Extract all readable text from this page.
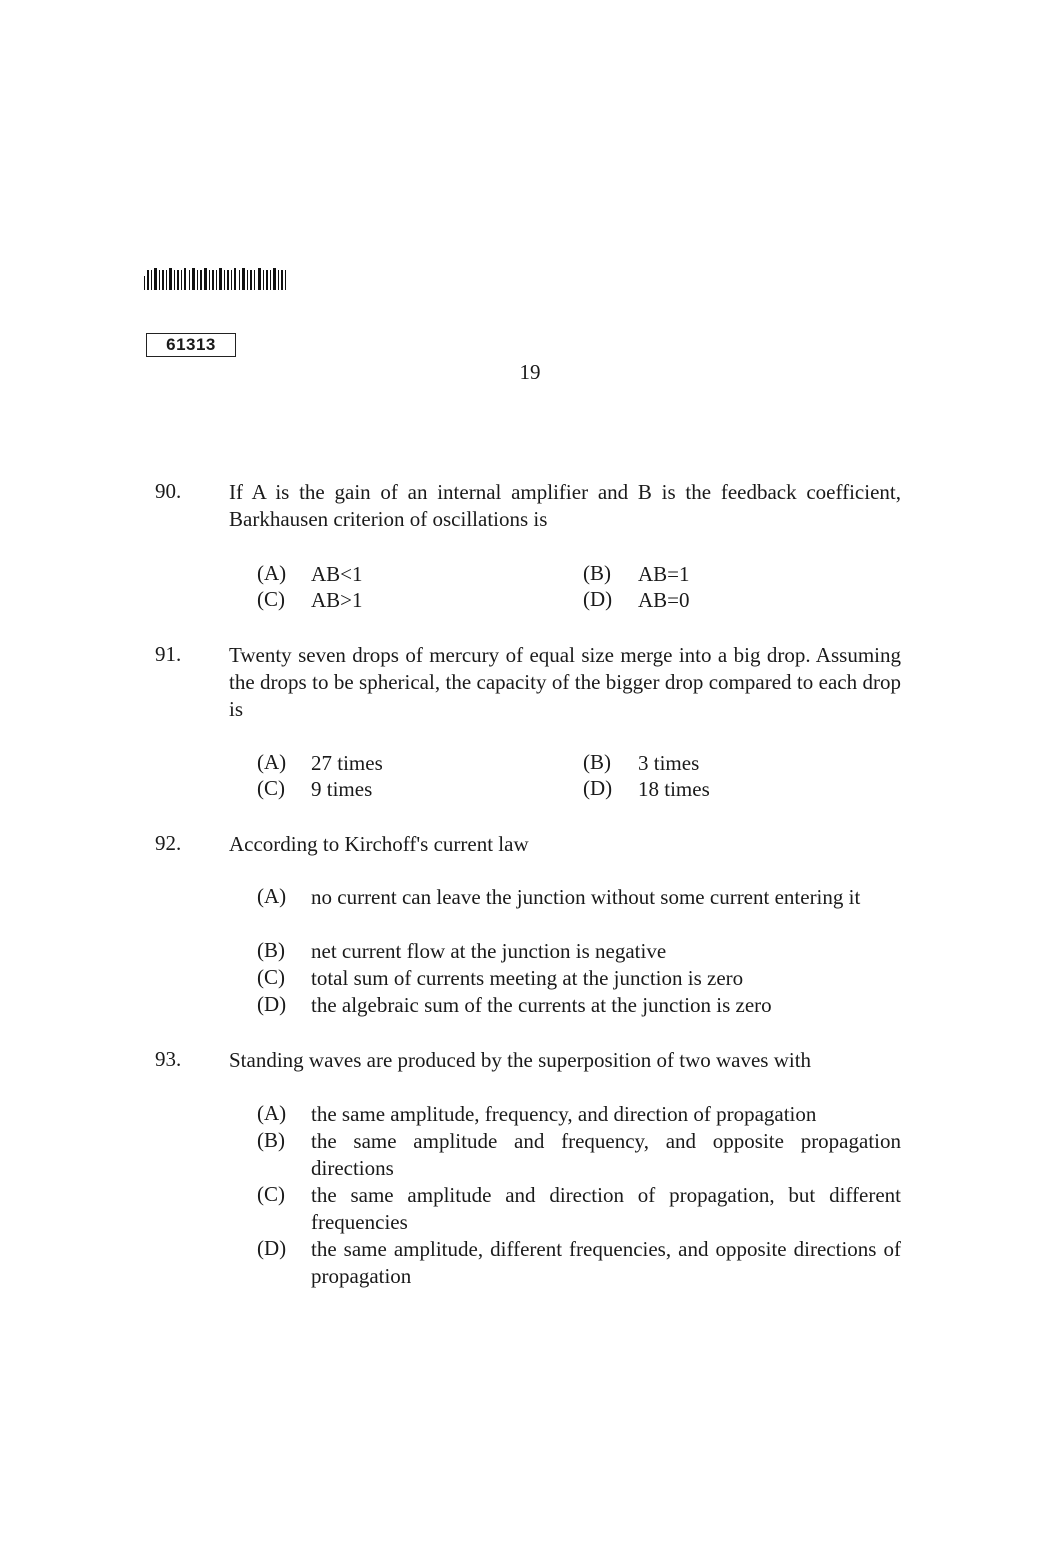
61313
19
90. If A is the gain of an internal amplifier and B is the feedback coefficient, Barkhausen criterion of oscillations is
(A) AB<1	(B) AB=1
(C) AB>1	(D) AB=0
91. Twenty seven drops of mercury of equal size merge into a big drop. Assuming the drops to be spherical, the capacity of the bigger drop compared to each drop is
(A) 27 times	(B) 3 times
(C) 9 times	(D) 18 times
92. According to Kirchoff's current law
(A) no current can leave the junction without some current entering it
(B) net current flow at the junction is negative
(C) total sum of currents meeting at the junction is zero
(D) the algebraic sum of the currents at the junction is zero
93. Standing waves are produced by the superposition of two waves with
(A) the same amplitude, frequency, and direction of propagation
(B) the same amplitude and frequency, and opposite propagation directions
(C) the same amplitude and direction of propagation, but different frequencies
(D) the same amplitude, different frequencies, and opposite directions of propagation
